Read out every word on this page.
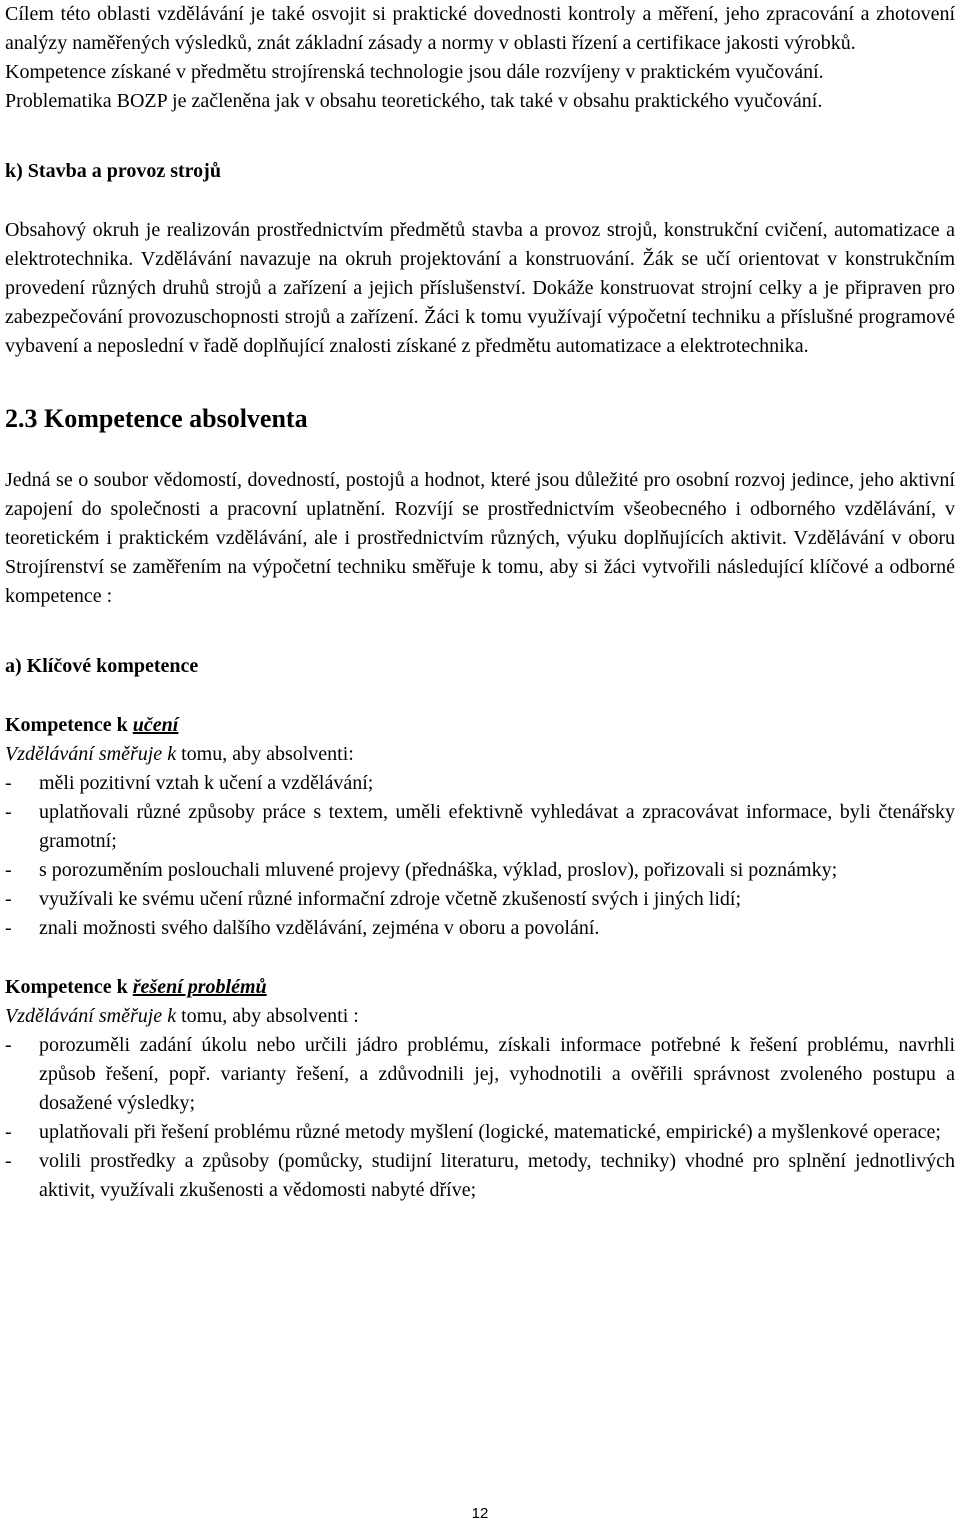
Cílem této oblasti vzdělávání je také osvojit si praktické dovednosti kontroly a měření, jeho zpracování a zhotovení analýzy naměřených výsledků, znát základní zásady a normy v oblasti řízení a certifikace jakosti výrobků.

Kompetence získané v předmětu strojírenská technologie jsou dále rozvíjeny v praktickém vyučování.

Problematika BOZP je začleněna jak v obsahu teoretického, tak také v obsahu praktického vyučování.

k) Stavba a provoz strojů

Obsahový okruh je realizován prostřednictvím předmětů stavba a provoz strojů, konstrukční cvičení, automatizace a elektrotechnika. Vzdělávání navazuje na okruh projektování a konstruování. Žák se učí orientovat v konstrukčním provedení různých druhů strojů a zařízení a jejich příslušenství. Dokáže konstruovat strojní celky a je připraven pro zabezpečování provozuschopnosti strojů a zařízení. Žáci k tomu využívají výpočetní techniku a příslušné programové vybavení a neposlední v řadě doplňující znalosti získané z předmětu automatizace a elektrotechnika.

2.3 Kompetence absolventa

Jedná se o soubor vědomostí, dovedností, postojů a hodnot, které jsou důležité pro osobní rozvoj jedince, jeho aktivní zapojení do společnosti a pracovní uplatnění. Rozvíjí se prostřednictvím všeobecného i odborného vzdělávání, v teoretickém i praktickém vzdělávání, ale i prostřednictvím různých, výuku doplňujících aktivit. Vzdělávání v oboru Strojírenství se zaměřením na výpočetní techniku směřuje k tomu, aby si žáci vytvořili následující klíčové a odborné kompetence :

a) Klíčové kompetence

Kompetence k učení

Vzdělávání směřuje k tomu, aby absolventi:

- měli pozitivní vztah k učení a vzdělávání;
- uplatňovali různé způsoby práce s textem, uměli efektivně vyhledávat a zpracovávat informace, byli čtenářsky gramotní;
- s porozuměním poslouchali mluvené projevy (přednáška, výklad, proslov), pořizovali si poznámky;
- využívali ke svému učení různé informační zdroje včetně zkušeností svých i jiných lidí;
- znali možnosti svého dalšího vzdělávání, zejména v oboru a povolání.

Kompetence k řešení problémů

Vzdělávání směřuje k tomu, aby absolventi :

- porozuměli zadání úkolu nebo určili jádro problému, získali informace potřebné k řešení problému, navrhli způsob řešení, popř. varianty řešení, a zdůvodnili jej, vyhodnotili a ověřili správnost zvoleného postupu a dosažené výsledky;
- uplatňovali při řešení problému různé metody myšlení (logické, matematické, empirické) a myšlenkové operace;
- volili prostředky a způsoby (pomůcky, studijní literaturu, metody, techniky) vhodné pro splnění jednotlivých aktivit, využívali zkušenosti a vědomosti nabyté dříve;
12
